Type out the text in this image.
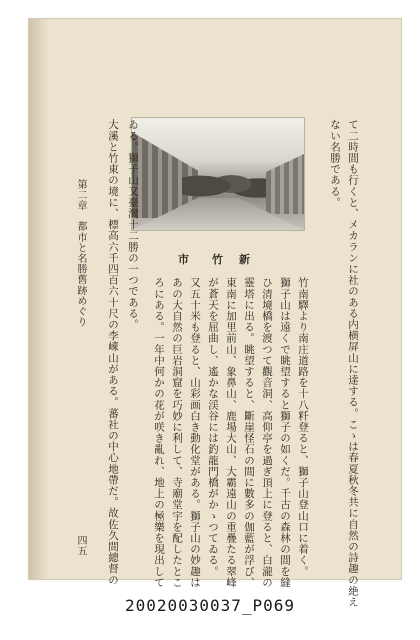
て二時間も行くと、メカランに社のある内横屏山に達する。こゝは春夏秋冬共に自然の詩趣の絶え
ない名勝である。
新
竹
市
竹南驛より南庄道路を十八粁登ると、獅子山登山口に着く。
獅子山は遠くで眺望すると獅子の如くだ。千古の森林の間を縫
ひ清境橋を渡つて觀音洞、高仰亭を過ぎ頂上に登ると、白瀧の
靈塔に出る。眺望すると、斷崖怪石の間に數多の伽藍が浮び、
東南に加里前山、象鼻山、鹿場大山、大霸遠山の重疊たる翠峰
が蒼天を屈曲し、遙かな渓谷には釣龍門橋がかゝつてゐる。
又五十米も登ると、山彩画白き動化堂がある。獅子山の妙趣は
あの大自然の巨岩洞窟を巧妙に利して、寺廟堂宇を配したとこ
ろにある。一年中何かの花が咲き亂れ、地上の極樂を現出して
ゐる。獅子山又臺灣十二勝の一つである。
大溪と竹東の境に、標高六千四百六十尺の李崠山がある。蕃社の中心地帶だ。故佐久間總督の
第二章　都市と名勝舊跡めぐり
四五
20020030037_P069
